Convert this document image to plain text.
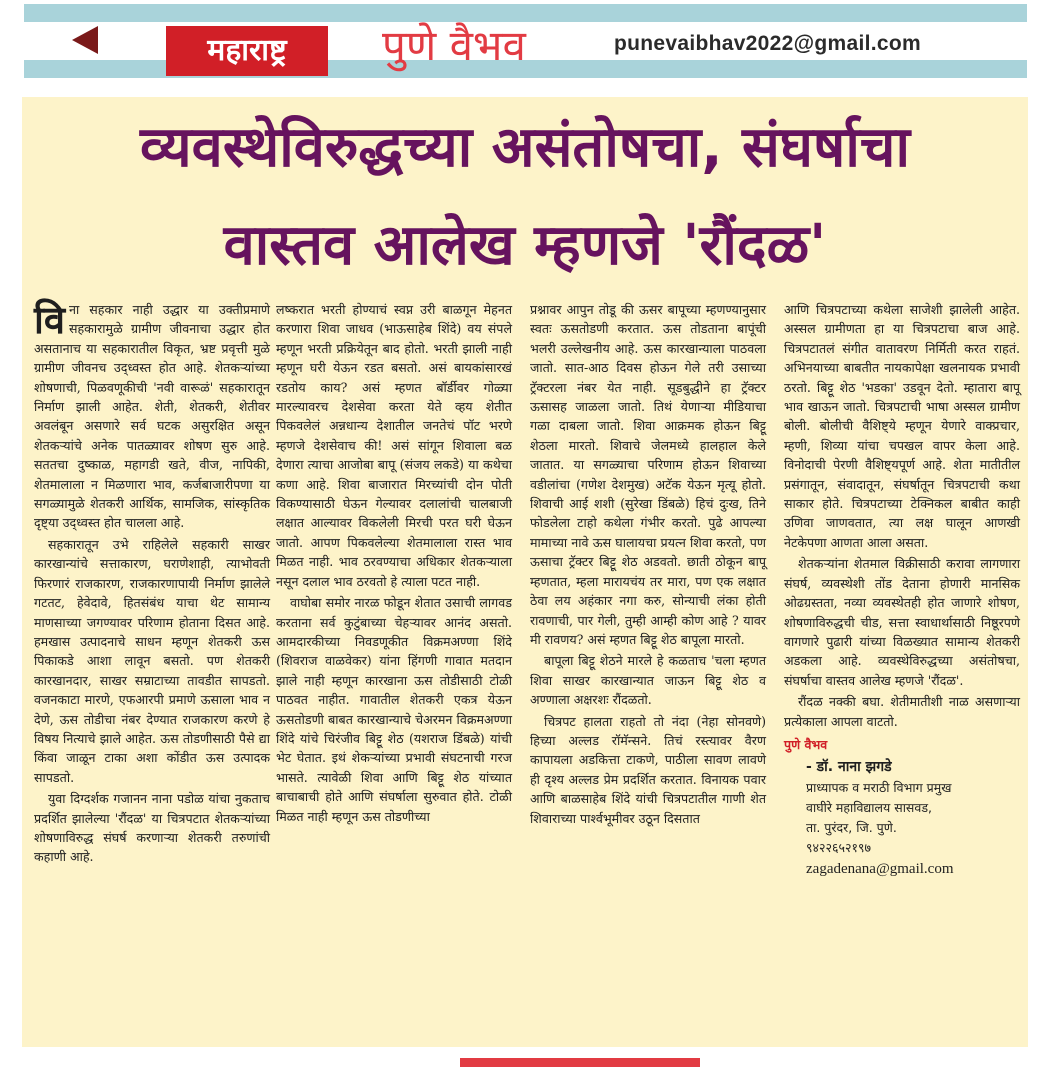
महाराष्ट्र	पुणे वैभव	punevaibhav2022@gmail.com
व्यवस्थेविरुद्धच्या असंतोषचा, संघर्षाचा
वास्तव आलेख म्हणजे 'रौंदळ'

विना सहकार नाही उद्धार या उक्तीप्रमाणे सहकारामुळे ग्रामीण जीवनाचा उद्धार होत असतानाच या सहकारातील विकृत, भ्रष्ट प्रवृत्ती मुळे ग्रामीण जीवनच उद्ध्वस्त होत आहे. शेतकऱ्यांच्या शोषणाची, पिळवणूकीची 'नवी वारूळं' सहकारातून निर्माण झाली आहेत. शेती, शेतकरी, शेतीवर अवलंबून असणारे सर्व घटक असुरक्षित असून शेतकऱ्यांचे अनेक पातळ्यावर शोषण सुरु आहे. सततचा दुष्काळ, महागडी खते, वीज, नापिकी, शेतमालाला न मिळणारा भाव, कर्जबाजारीपणा या सगळ्यामुळे शेतकरी आर्थिक, सामजिक, सांस्कृतिक दृष्ट्या उद्ध्वस्त होत चालला आहे.

सहकारातून उभे राहिलेले सहकारी साखर कारखान्यांचे सत्ताकारण, घराणेशाही, त्याभोवती फिरणारं राजकारण, राजकारणापायी निर्माण झालेले गटतट, हेवेदावे, हितसंबंध याचा थेट सामान्य माणसाच्या जगण्यावर परिणाम होताना दिसत आहे. हमखास उत्पादनाचे साधन म्हणून शेतकरी ऊस पिकाकडे आशा लावून बसतो. पण शेतकरी कारखानदार, साखर सम्राटाच्या तावडीत सापडतो. वजनकाटा मारणे, एफआरपी प्रमाणे ऊसाला भाव न देणे, ऊस तोडीचा नंबर देण्यात राजकारण करणे हे विषय नित्याचे झाले आहेत. ऊस तोडणीसाठी पैसे द्या किंवा जाळून टाका अशा कोंडीत ऊस उत्पादक सापडतो.

युवा दिग्दर्शक गजानन नाना पडोळ यांचा नुकताच प्रदर्शित झालेल्या 'रौंदळ' या चित्रपटात शेतकऱ्यांच्या शोषणाविरुद्ध संघर्ष करणाऱ्या शेतकरी तरुणांची कहाणी आहे.

लष्करात भरती होण्याचं स्वप्न उरी बाळगून मेहनत करणारा शिवा जाधव (भाऊसाहेब शिंदे) वय संपले म्हणून भरती प्रक्रियेतून बाद होतो. भरती झाली नाही म्हणून घरी येऊन रडत बसतो. असं बायकांसारखं रडतोय काय? असं म्हणत बॉर्डीवर गोळ्या मारल्यावरच देशसेवा करता येते व्हय शेतीत पिकवलेलं अन्नधान्य देशातील जनतेचं पॉट भरणे म्हणजे देशसेवाच की! असं सांगून शिवाला बळ देणारा त्याचा आजोबा बापू (संजय लकडे) या कथेचा कणा आहे. शिवा बाजारात मिरच्यांची दोन पोती विकण्यासाठी घेऊन गेल्यावर दलालांची चालबाजी लक्षात आल्यावर विकलेली मिरची परत घरी घेऊन जातो. आपण पिकवलेल्या शेतमालाला रास्त भाव मिळत नाही. भाव ठरवण्याचा अधिकार शेतकऱ्याला नसून दलाल भाव ठरवतो हे त्याला पटत नाही.

वाघोबा समोर नारळ फोडून शेतात उसाची लागवड करताना सर्व कुटुंबाच्या चेहऱ्यावर आनंद असतो. आमदारकीच्या निवडणूकीत विक्रमअण्णा शिंदे (शिवराज वाळवेकर) यांना हिंगणी गावात मतदान झाले नाही म्हणून कारखाना ऊस तोडीसाठी टोळी पाठवत नाहीत. गावातील शेतकरी एकत्र येऊन ऊसतोडणी बाबत कारखान्याचे चेअरमन विक्रमअण्णा शिंदे यांचे चिरंजीव बिट्टू शेठ (यशराज डिंबळे) यांची भेट घेतात. इथं शेकऱ्यांच्या प्रभावी संघटनाची गरज भासते. त्यावेळी शिवा आणि बिट्टू शेठ यांच्यात बाचाबाची होते आणि संघर्षाला सुरुवात होते. टोळी मिळत नाही म्हणून ऊस तोडणीच्या

प्रश्नावर आपुन तोडू की ऊसर बापूच्या म्हणण्यानुसार स्वतः ऊसतोडणी करतात. ऊस तोडताना बापूंची भलरी उल्लेखनीय आहे. ऊस कारखान्याला पाठवला जातो. सात-आठ दिवस होऊन गेले तरी उसाच्या ट्रॅक्टरला नंबर येत नाही. सूडबुद्धीने हा ट्रॅक्टर ऊसासह जाळला जातो. तिथं येणाऱ्या मीडियाचा गळा दाबला जातो. शिवा आक्रमक होऊन बिट्टू शेठला मारतो. शिवाचे जेलमध्ये हालहाल केले जातात. या सगळ्याचा परिणाम होऊन शिवाच्या वडीलांचा (गणेश देशमुख) अटॅक येऊन मृत्यू होतो. शिवाची आई शशी (सुरेखा डिंबळे) हिचं दुःख, तिने फोडलेला टाहो कथेला गंभीर करतो. पुढे आपल्या मामाच्या नावे ऊस घालायचा प्रयत्न शिवा करतो, पण ऊसाचा ट्रॅक्टर बिट्टू शेठ अडवतो. छाती ठोकून बापू म्हणतात, म्हला मारायचंय तर मारा, पण एक लक्षात ठेवा लय अहंकार नगा करु, सोन्याची लंका होती रावणाची, पार गेली, तुम्ही आम्ही कोण आहे ? यावर मी रावणय? असं म्हणत बिट्टू शेठ बापूला मारतो.

बापूला बिट्टू शेठने मारले हे कळताच 'चला म्हणत शिवा साखर कारखान्यात जाऊन बिट्टू शेठ व अण्णाला अक्षरशः रौंदळतो.

चित्रपट हालता राहतो तो नंदा (नेहा सोनवणे) हिच्या अल्लड रॉमॅन्सने. तिचं रस्त्यावर वैरण कापायला अडकित्ता टाकणे, पाठीला सावण लावणे ही दृश्य अल्लड प्रेम प्रदर्शित करतात. विनायक पवार आणि बाळसाहेब शिंदे यांची चित्रपटातील गाणी शेत शिवाराच्या पार्श्वभूमीवर उठून दिसतात

आणि चित्रपटाच्या कथेला साजेशी झालेली आहेत. अस्सल ग्रामीणता हा या चित्रपटाचा बाज आहे. चित्रपटातलं संगीत वातावरण निर्मिती करत राहतं. अभिनयाच्या बाबतीत नायकापेक्षा खलनायक प्रभावी ठरतो. बिट्टू शेठ 'भडका' उडवून देतो. म्हातारा बापू भाव खाऊन जातो. चित्रपटाची भाषा अस्सल ग्रामीण बोली. बोलीची वैशिष्ट्ये म्हणून येणारे वाक्प्रचार, म्हणी, शिव्या यांचा चपखल वापर केला आहे. विनोदाची पेरणी वैशिष्ट्यपूर्ण आहे. शेता मातीतील प्रसंगातून, संवादातून, संघर्षातून चित्रपटाची कथा साकार होते. चित्रपटाच्या टेक्निकल बाबीत काही उणिवा जाणवतात, त्या लक्ष घालून आणखी नेटकेपणा आणता आला असता.

शेतकऱ्यांना शेतमाल विक्रीसाठी करावा लागणारा संघर्ष, व्यवस्थेशी तोंड देताना होणारी मानसिक ओढग्रस्तता, नव्या व्यवस्थेतही होत जाणारे शोषण, शोषणाविरुद्धची चीड, सत्ता स्वाधार्थासाठी निष्ठूरपणे वागणारे पुढारी यांच्या विळख्यात सामान्य शेतकरी अडकला आहे. व्यवस्थेविरुद्धच्या असंतोषचा, संघर्षाचा वास्तव आलेख म्हणजे 'रौंदळ'.

रौंदळ नक्की बघा. शेतीमातीशी नाळ असणाऱ्या प्रत्येकाला आपला वाटतो.

पुणे वैभव
- डॉ. नाना झगडे
प्राध्यापक व मराठी विभाग प्रमुख
वाघीरे महाविद्यालय सासवड,
ता. पुरंदर, जि. पुणे.
९४२२६५२१९७
zagadenana@gmail.com
